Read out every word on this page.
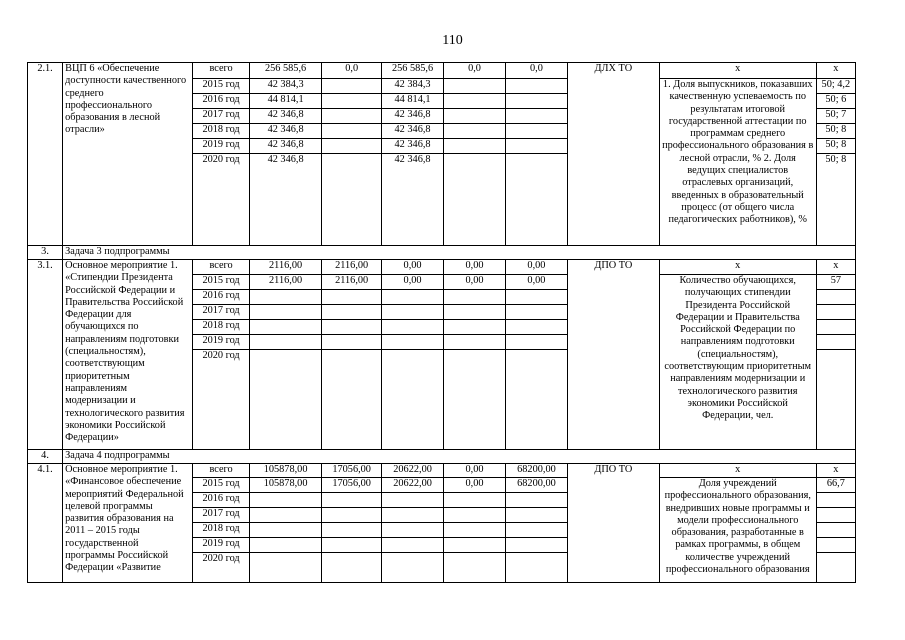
110
2.1.	ВЦП 6 «Обеспечение доступности качественного среднего профессионального образования в лесной отрасли»	всего	256 585,6	0,0	256 585,6	0,0	0,0	ДЛХ ТО	х	х
		2015 год	42 384,3		42 384,3				1. Доля выпускников, показавших качественную успеваемость по результатам итоговой государственной аттестации по программам среднего профессионального образования в лесной отрасли, % 2. Доля ведущих специалистов отраслевых организаций, введенных в образовательный процесс (от общего числа педагогических работников), %	50; 4,2
		2016 год	44 814,1		44 814,1					50; 6
		2017 год	42 346,8		42 346,8					50; 7
		2018 год	42 346,8		42 346,8					50; 8
		2019 год	42 346,8		42 346,8					50; 8
		2020 год	42 346,8		42 346,8					50; 8
3.	Задача 3 подпрограммы									
3.1.	Основное мероприятие 1. «Стипендии Президента Российской Федерации и Правительства Российской Федерации для обучающихся по направлениям подготовки (специальностям), соответствующим приоритетным направлениям модернизации и технологического развития экономики Российской Федерации»	всего	2116,00	2116,00	0,00	0,00	0,00	ДПО ТО	х	х
		2015 год	2116,00	2116,00	0,00	0,00	0,00		Количество обучающихся, получающих стипендии Президента Российской Федерации и Правительства Российской Федерации по направлениям подготовки (специальностям), соответствующим приоритетным направлениям модернизации и технологического развития экономики Российской Федерации, чел.	57
		2016 год								
		2017 год								
		2018 год								
		2019 год								
		2020 год								
4.	Задача 4 подпрограммы									
4.1.	Основное мероприятие 1. «Финансовое обеспечение мероприятий Федеральной целевой программы развития образования на 2011 – 2015 годы государственной программы Российской Федерации «Развитие	всего	105878,00	17056,00	20622,00	0,00	68200,00	ДПО ТО	х	х
		2015 год	105878,00	17056,00	20622,00	0,00	68200,00		Доля учреждений профессионального образования, внедривших новые программы и модели профессионального образования, разработанные в рамках программы, в общем количестве учреждений профессионального образования	66,7
		2016 год								
		2017 год								
		2018 год								
		2019 год								
		2020 год								
